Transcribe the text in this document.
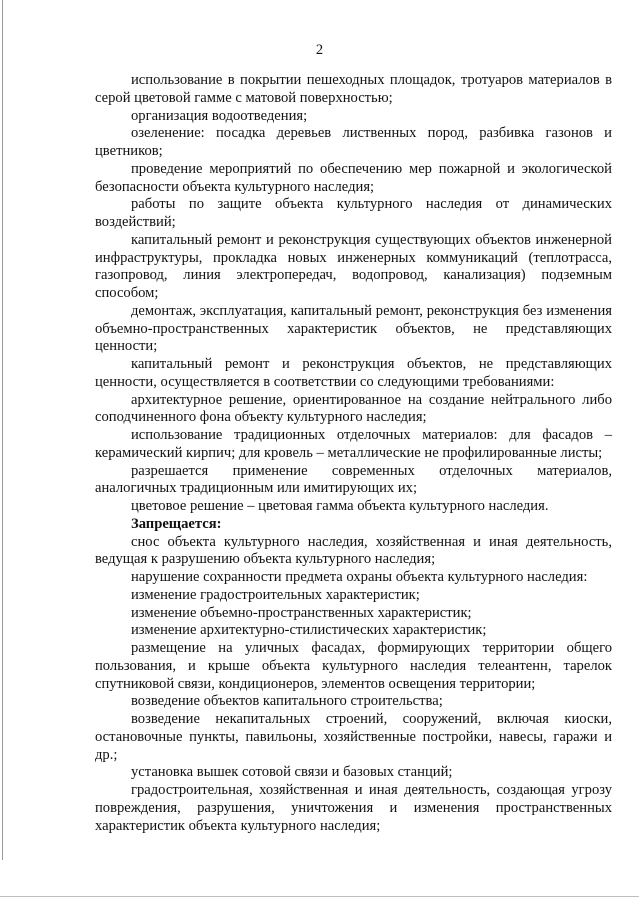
2

использование в покрытии пешеходных площадок, тротуаров материалов в серой цветовой гамме с матовой поверхностью;

организация водоотведения;

озеленение: посадка деревьев лиственных пород, разбивка газонов и цветников;

проведение мероприятий по обеспечению мер пожарной и экологической безопасности объекта культурного наследия;

работы по защите объекта культурного наследия от динамических воздействий;

капитальный ремонт и реконструкция существующих объектов инженерной инфраструктуры, прокладка новых инженерных коммуникаций (теплотрасса, газопровод, линия электропередач, водопровод, канализация) подземным способом;

демонтаж, эксплуатация, капитальный ремонт, реконструкция без изменения объемно-пространственных характеристик объектов, не представляющих ценности;

капитальный ремонт и реконструкция объектов, не представляющих ценности, осуществляется в соответствии со следующими требованиями:

архитектурное решение, ориентированное на создание нейтрального либо соподчиненного фона объекту культурного наследия;

использование традиционных отделочных материалов: для фасадов – керамический кирпич; для кровель – металлические не профилированные листы;

разрешается применение современных отделочных материалов, аналогичных традиционным или имитирующих их;

цветовое решение – цветовая гамма объекта культурного наследия.

Запрещается:

снос объекта культурного наследия, хозяйственная и иная деятельность, ведущая к разрушению объекта культурного наследия;

нарушение сохранности предмета охраны объекта культурного наследия:

изменение градостроительных характеристик;

изменение объемно-пространственных характеристик;

изменение архитектурно-стилистических характеристик;

размещение на уличных фасадах, формирующих территории общего пользования, и крыше объекта культурного наследия телеантенн, тарелок спутниковой связи, кондиционеров, элементов освещения территории;

возведение объектов капитального строительства;

возведение некапитальных строений, сооружений, включая киоски, остановочные пункты, павильоны, хозяйственные постройки, навесы, гаражи и др.;

установка вышек сотовой связи и базовых станций;

градостроительная, хозяйственная и иная деятельность, создающая угрозу повреждения, разрушения, уничтожения и изменения пространственных характеристик объекта культурного наследия;
